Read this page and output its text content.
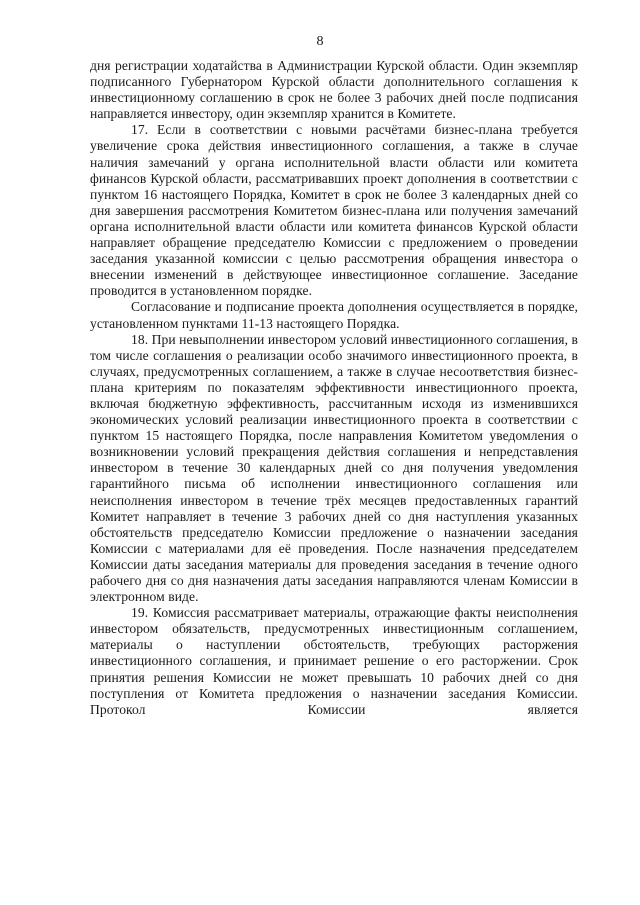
8

дня регистрации ходатайства в Администрации Курской области. Один экземпляр подписанного Губернатором Курской области дополнительного соглашения к инвестиционному соглашению в срок не более 3 рабочих дней после подписания направляется инвестору, один экземпляр хранится в Комитете.

17. Если в соответствии с новыми расчётами бизнес-плана требуется увеличение срока действия инвестиционного соглашения, а также в случае наличия замечаний у органа исполнительной власти области или комитета финансов Курской области, рассматривавших проект дополнения в соответствии с пунктом 16 настоящего Порядка, Комитет в срок не более 3 календарных дней со дня завершения рассмотрения Комитетом бизнес-плана или получения замечаний органа исполнительной власти области или комитета финансов Курской области направляет обращение председателю Комиссии с предложением о проведении заседания указанной комиссии с целью рассмотрения обращения инвестора о внесении изменений в действующее инвестиционное соглашение. Заседание проводится в установленном порядке.

Согласование и подписание проекта дополнения осуществляется в порядке, установленном пунктами 11-13 настоящего Порядка.

18. При невыполнении инвестором условий инвестиционного соглашения, в том числе соглашения о реализации особо значимого инвестиционного проекта, в случаях, предусмотренных соглашением, а также в случае несоответствия бизнес-плана критериям по показателям эффективности инвестиционного проекта, включая бюджетную эффективность, рассчитанным исходя из изменившихся экономических условий реализации инвестиционного проекта в соответствии с пунктом 15 настоящего Порядка, после направления Комитетом уведомления о возникновении условий прекращения действия соглашения и непредставления инвестором в течение 30 календарных дней со дня получения уведомления гарантийного письма об исполнении инвестиционного соглашения или неисполнения инвестором в течение трёх месяцев предоставленных гарантий Комитет направляет в течение 3 рабочих дней со дня наступления указанных обстоятельств председателю Комиссии предложение о назначении заседания Комиссии с материалами для её проведения. После назначения председателем Комиссии даты заседания материалы для проведения заседания в течение одного рабочего дня со дня назначения даты заседания направляются членам Комиссии в электронном виде.

19. Комиссия рассматривает материалы, отражающие факты неисполнения инвестором обязательств, предусмотренных инвестиционным соглашением, материалы о наступлении обстоятельств, требующих расторжения инвестиционного соглашения, и принимает решение о его расторжении. Срок принятия решения Комиссии не может превышать 10 рабочих дней со дня поступления от Комитета предложения о назначении заседания Комиссии. Протокол Комиссии является
